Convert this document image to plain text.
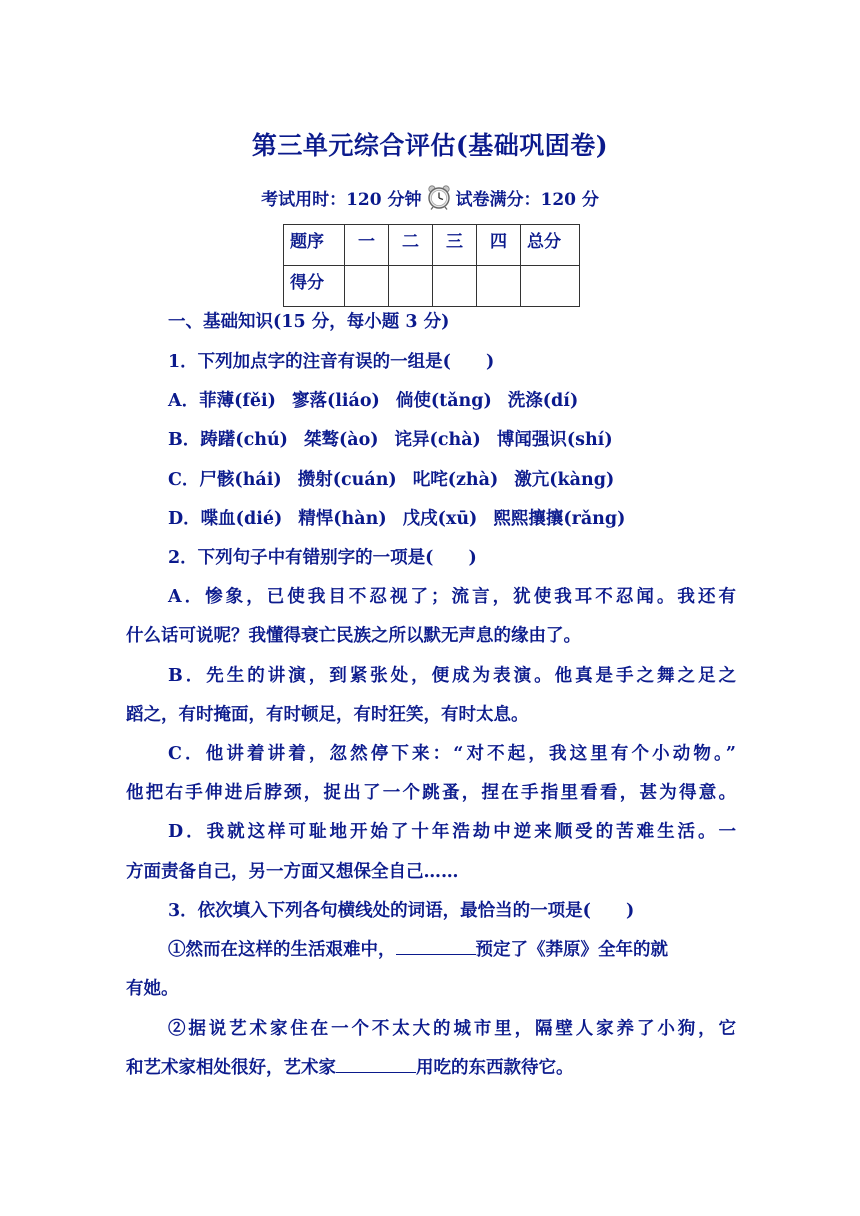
第三单元综合评估(基础巩固卷)
考试用时：120 分钟 试卷满分：120 分
题序	一	二	三	四	总分
得分					
一、基础知识(15 分，每小题 3 分)
1．下列加点字的注音有误的一组是(　　)
A．菲薄(fěi) 寥落(liáo) 倘使(tǎng) 洗涤(dí)
B．踌躇(chú) 桀骜(ào) 诧异(chà) 博闻强识(shí)
C．尸骸(hái) 攒射(cuán) 叱咤(zhà) 激亢(kàng)
D．喋血(dié) 精悍(hàn) 戊戌(xū) 熙熙攘攘(rǎng)
2．下列句子中有错别字的一项是(　　)
A．惨象，已使我目不忍视了；流言，犹使我耳不忍闻。我还有
什么话可说呢？我懂得衰亡民族之所以默无声息的缘由了。
B．先生的讲演，到紧张处，便成为表演。他真是手之舞之足之
蹈之，有时掩面，有时顿足，有时狂笑，有时太息。
C．他讲着讲着，忽然停下来：“对不起，我这里有个小动物。”
他把右手伸进后脖颈，捉出了一个跳蚤，捏在手指里看看，甚为得意。
D．我就这样可耻地开始了十年浩劫中逆来顺受的苦难生活。一
方面责备自己，另一方面又想保全自己……
3．依次填入下列各句横线处的词语，最恰当的一项是(　　)
①然而在这样的生活艰难中，	预定了《莽原》全年的就
有她。
②据说艺术家住在一个不太大的城市里，隔壁人家养了小狗，它
和艺术家相处很好，艺术家	用吃的东西款待它。
